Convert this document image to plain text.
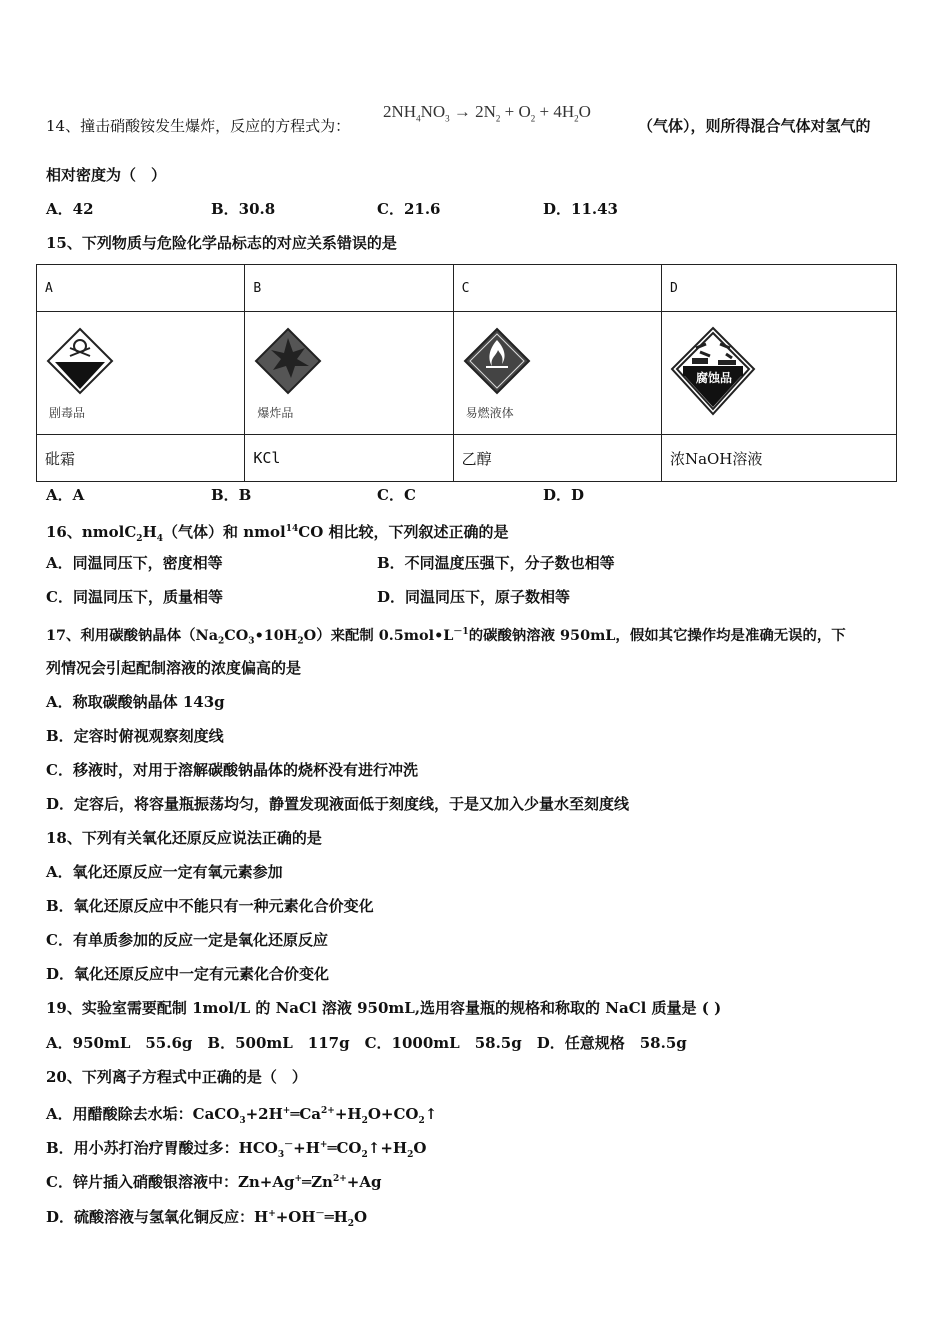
14、撞击硝酸铵发生爆炸，反应的方程式为：
$2NH_4NO_3 \to 2N_2 + O_2 + 4H_2O$
（气体），则所得混合气体对氢气的
相对密度为（　）
A．42	B．30.8	C．21.6	D．11.43
15、下列物质与危险化学品标志的对应关系错误的是
A	B	C	D

剧毒品	爆炸品	易燃液体	腐蚀品

砒霜	KCl	乙醇	浓NaOH溶液
A．A	B．B	C．C	D．D
16、$nmolC_2H_4$（气体）和 nmol$^{14}$CO 相比较，下列叙述正确的是
A．同温同压下，密度相等	B．不同温度压强下，分子数也相等
C．同温同压下，质量相等	D．同温同压下，原子数相等
17、利用碳酸钠晶体$(Na_2CO_3•10H_2O)$来配制 $0.5mol•L^{-1}$的碳酸钠溶液 950mL，假如其它操作均是准确无误的，下
列情况会引起配制溶液的浓度偏高的是
A．称取碳酸钠晶体 143g
B．定容时俯视观察刻度线
C．移液时，对用于溶解碳酸钠晶体的烧杯没有进行冲洗
D．定容后，将容量瓶振荡均匀，静置发现液面低于刻度线，于是又加入少量水至刻度线
18、下列有关氧化还原反应说法正确的是
A．氧化还原反应一定有氧元素参加
B．氧化还原反应中不能只有一种元素化合价变化
C．有单质参加的反应一定是氧化还原反应
D．氧化还原反应中一定有元素化合价变化
19、实验室需要配制 1mol/L 的 NaCl 溶液 950mL,选用容量瓶的规格和称取的 NaCl 质量是 ( )
A．950mL　55.6g　B．500mL　117g　C．1000mL　58.5g　D．任意规格　58.5g
20、下列离子方程式中正确的是（　）
A．用醋酸除去水垢：$CaCO_3+2H^+═Ca^{2+}+H_2O+CO_2↑$
B．用小苏打治疗胃酸过多：$HCO_3^-+H^+═CO_2↑+H_2O$
C．锌片插入硝酸银溶液中：$Zn+Ag^+═Zn^{2+}+Ag$
D．硫酸溶液与氢氧化铜反应：$H^++OH^-═H_2O$
